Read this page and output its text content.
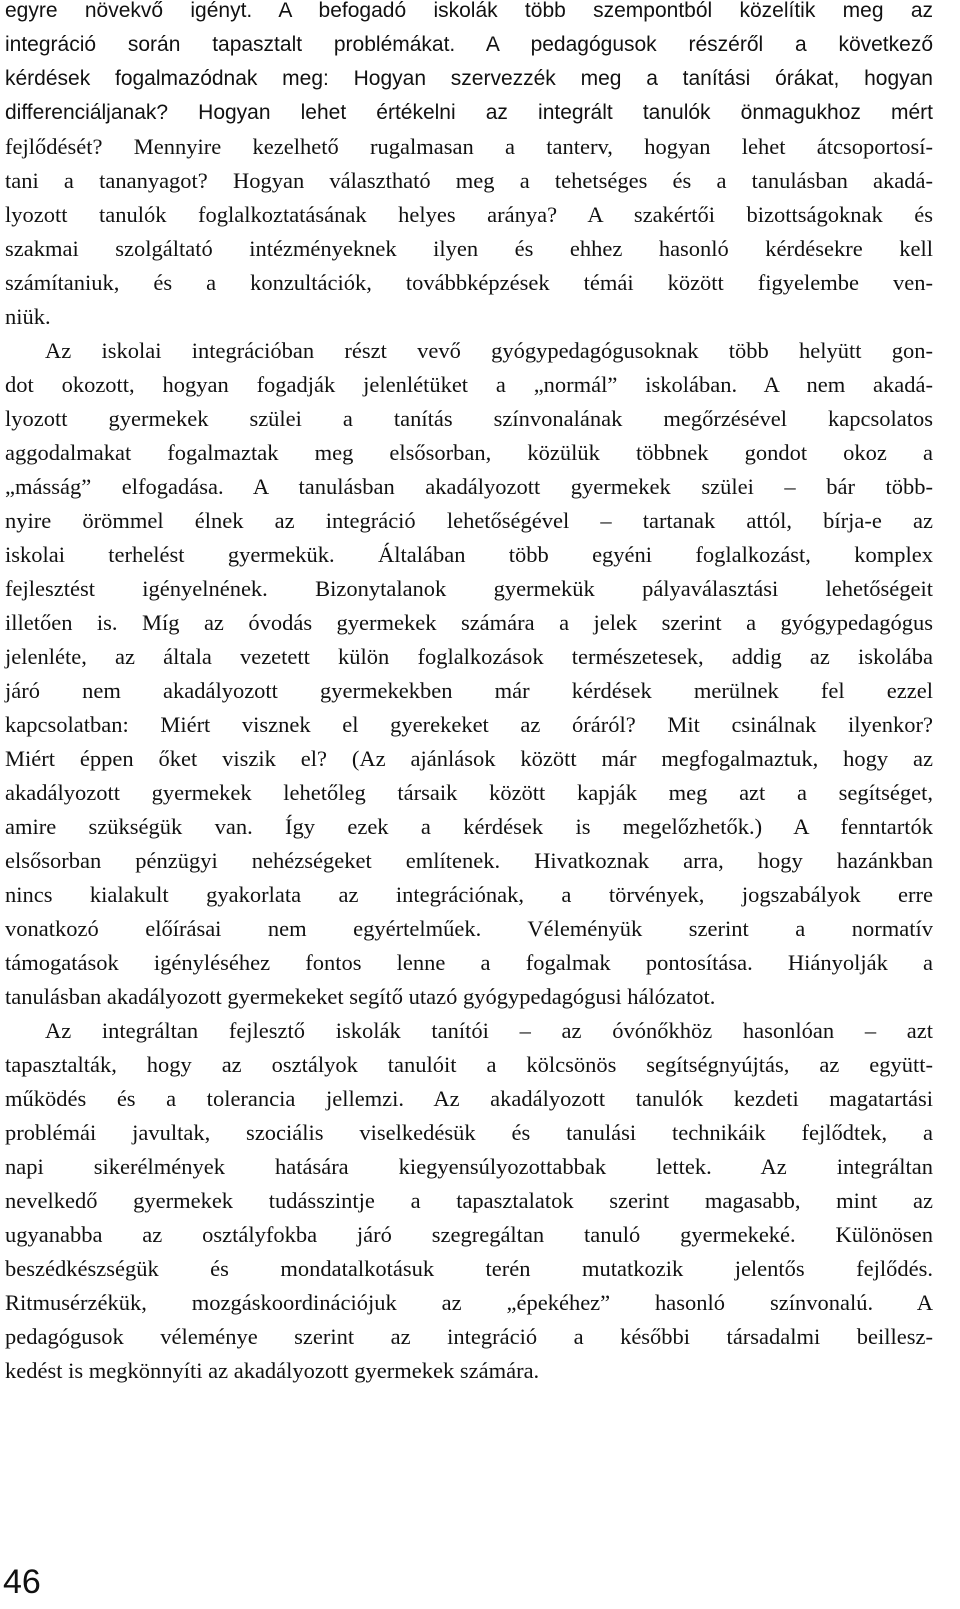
egyre növekvő igényt. A befogadó iskolák több szempontból közelítik meg az
integráció során tapasztalt problémákat. A pedagógusok részéről a következő
kérdések fogalmazódnak meg: Hogyan szervezzék meg a tanítási órákat, hogyan
differenciáljanak? Hogyan lehet értékelni az integrált tanulók önmagukhoz mért
fejlődését? Mennyire kezelhető rugalmasan a tanterv, hogyan lehet átcsoportosí-
tani a tananyagot? Hogyan választható meg a tehetséges és a tanulásban akadá-
lyozott tanulók foglalkoztatásának helyes aránya? A szakértői bizottságoknak és
szakmai szolgáltató intézményeknek ilyen és ehhez hasonló kérdésekre kell
számítaniuk, és a konzultációk, továbbképzések témái között figyelembe ven-
niük.
Az iskolai integrációban részt vevő gyógypedagógusoknak több helyütt gon-
dot okozott, hogyan fogadják jelenlétüket a „normál” iskolában. A nem akadá-
lyozott gyermekek szülei a tanítás színvonalának megőrzésével kapcsolatos
aggodalmakat fogalmaztak meg elsősorban, közülük többnek gondot okoz a
„másság” elfogadása. A tanulásban akadályozott gyermekek szülei – bár több-
nyire örömmel élnek az integráció lehetőségével – tartanak attól, bírja-e az
iskolai terhelést gyermekük. Általában több egyéni foglalkozást, komplex
fejlesztést igényelnének. Bizonytalanok gyermekük pályaválasztási lehetőségeit
illetően is. Míg az óvodás gyermekek számára a jelek szerint a gyógypedagógus
jelenléte, az általa vezetett külön foglalkozások természetesek, addig az iskolába
járó nem akadályozott gyermekekben már kérdések merülnek fel ezzel
kapcsolatban: Miért visznek el gyerekeket az óráról? Mit csinálnak ilyenkor?
Miért éppen őket viszik el? (Az ajánlások között már megfogalmaztuk, hogy az
akadályozott gyermekek lehetőleg társaik között kapják meg azt a segítséget,
amire szükségük van. Így ezek a kérdések is megelőzhetők.) A fenntartók
elsősorban pénzügyi nehézségeket említenek. Hivatkoznak arra, hogy hazánkban
nincs kialakult gyakorlata az integrációnak, a törvények, jogszabályok erre
vonatkozó előírásai nem egyértelműek. Véleményük szerint a normatív
támogatások igényléséhez fontos lenne a fogalmak pontosítása. Hiányolják a
tanulásban akadályozott gyermekeket segítő utazó gyógypedagógusi hálózatot.
Az integráltan fejlesztő iskolák tanítói – az óvónőkhöz hasonlóan – azt
tapasztalták, hogy az osztályok tanulóit a kölcsönös segítségnyújtás, az együtt-
működés és a tolerancia jellemzi. Az akadályozott tanulók kezdeti magatartási
problémái javultak, szociális viselkedésük és tanulási technikáik fejlődtek, a
napi sikerélmények hatására kiegyensúlyozottabbak lettek. Az integráltan
nevelkedő gyermekek tudásszintje a tapasztalatok szerint magasabb, mint az
ugyanabba az osztályfokba járó szegregáltan tanuló gyermekeké. Különösen
beszédkészségük és mondatalkotásuk terén mutatkozik jelentős fejlődés.
Ritmusérzékük, mozgáskoordinációjuk az „épekéhez” hasonló színvonalú. A
pedagógusok véleménye szerint az integráció a későbbi társadalmi beillesz-
kedést is megkönnyíti az akadályozott gyermekek számára.
46
